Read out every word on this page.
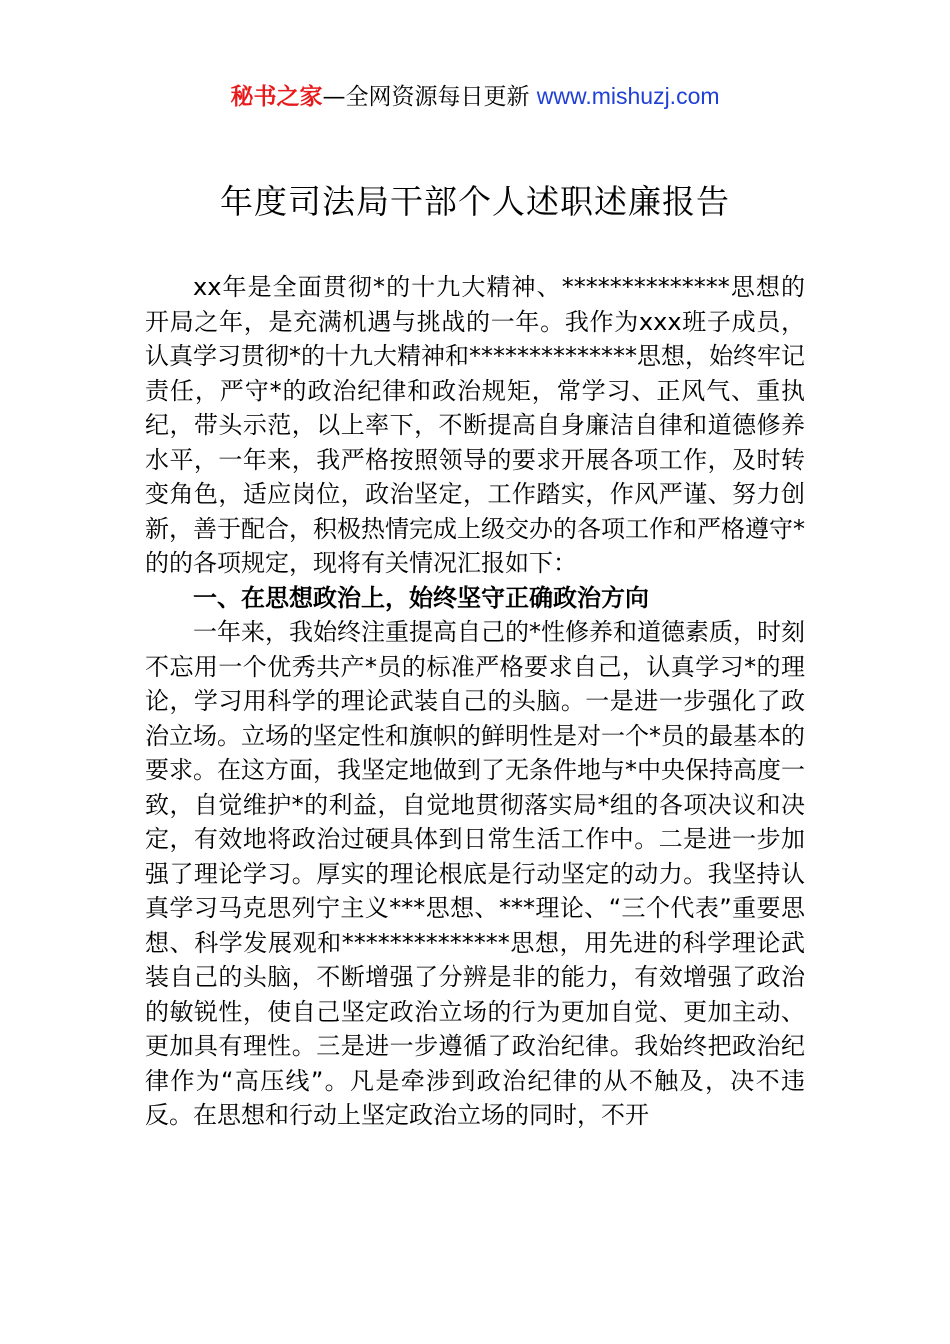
秘书之家—全网资源每日更新 www.mishuzj.com
年度司法局干部个人述职述廉报告

xx年是全面贯彻*的十九大精神、**************思想的开局之年，是充满机遇与挑战的一年。我作为xxx班子成员，认真学习贯彻*的十九大精神和**************思想，始终牢记责任，严守*的政治纪律和政治规矩，常学习、正风气、重执纪，带头示范，以上率下，不断提高自身廉洁自律和道德修养水平，一年来，我严格按照领导的要求开展各项工作，及时转变角色，适应岗位，政治坚定，工作踏实，作风严谨、努力创新，善于配合，积极热情完成上级交办的各项工作和严格遵守*的的各项规定，现将有关情况汇报如下：

一、在思想政治上，始终坚守正确政治方向

一年来，我始终注重提高自己的*性修养和道德素质，时刻不忘用一个优秀共产*员的标准严格要求自己，认真学习*的理论，学习用科学的理论武装自己的头脑。一是进一步强化了政治立场。立场的坚定性和旗帜的鲜明性是对一个*员的最基本的要求。在这方面，我坚定地做到了无条件地与*中央保持高度一致，自觉维护*的利益，自觉地贯彻落实局*组的各项决议和决定，有效地将政治过硬具体到日常生活工作中。二是进一步加强了理论学习。厚实的理论根底是行动坚定的动力。我坚持认真学习马克思列宁主义***思想、***理论、“三个代表”重要思想、科学发展观和**************思想，用先进的科学理论武装自己的头脑，不断增强了分辨是非的能力，有效增强了政治的敏锐性，使自己坚定政治立场的行为更加自觉、更加主动、更加具有理性。三是进一步遵循了政治纪律。我始终把政治纪律作为“高压线”。凡是牵涉到政治纪律的从不触及，决不违反。在思想和行动上坚定政治立场的同时，不开
